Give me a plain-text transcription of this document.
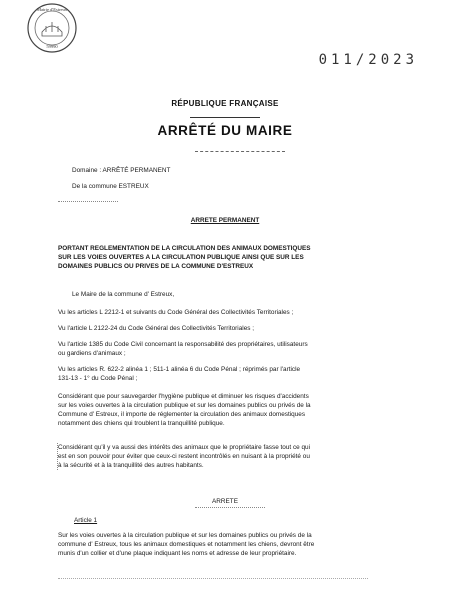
Mairie d'Estreux
59990
011/2023
RÉPUBLIQUE FRANÇAISE
ARRÊTÉ DU MAIRE
Domaine : ARRÊTÉ PERMANENT
De la commune ESTREUX
ARRETE PERMANENT
PORTANT REGLEMENTATION DE LA CIRCULATION DES ANIMAUX DOMESTIQUES
SUR LES VOIES OUVERTES A LA CIRCULATION PUBLIQUE AINSI QUE SUR LES
DOMAINES PUBLICS OU PRIVES DE LA COMMUNE D'ESTREUX
Le Maire de la commune d' Estreux,
Vu les articles L 2212-1 et suivants du Code Général des Collectivités Territoriales ;
Vu l'article L 2122-24 du Code Général des Collectivités Territoriales ;
Vu l'article 1385 du Code Civil concernant la responsabilité des propriétaires, utilisateurs
ou gardiens d'animaux ;
Vu les articles R. 622-2 alinéa 1 ; 511-1 alinéa 6 du Code Pénal ; réprimés par l'article
131-13 - 1° du Code Pénal ;
Considérant que pour sauvegarder l'hygiène publique et diminuer les risques d'accidents
sur les voies ouvertes à la circulation publique et sur les domaines publics ou privés de la
Commune d' Estreux, il importe de réglementer la circulation des animaux domestiques
notamment des chiens qui troublent la tranquillité publique.
Considérant qu'il y va aussi des intérêts des animaux que le propriétaire fasse tout ce qui
est en son pouvoir pour éviter que ceux-ci restent incontrôlés en nuisant à la propriété ou
à la sécurité et à la tranquillité des autres habitants.
ARRETE
Article 1
Sur les voies ouvertes à la circulation publique et sur les domaines publics ou privés de la
commune d' Estreux, tous les animaux domestiques et notamment les chiens, devront être
munis d'un collier et d'une plaque indiquant les noms et adresse de leur propriétaire.
